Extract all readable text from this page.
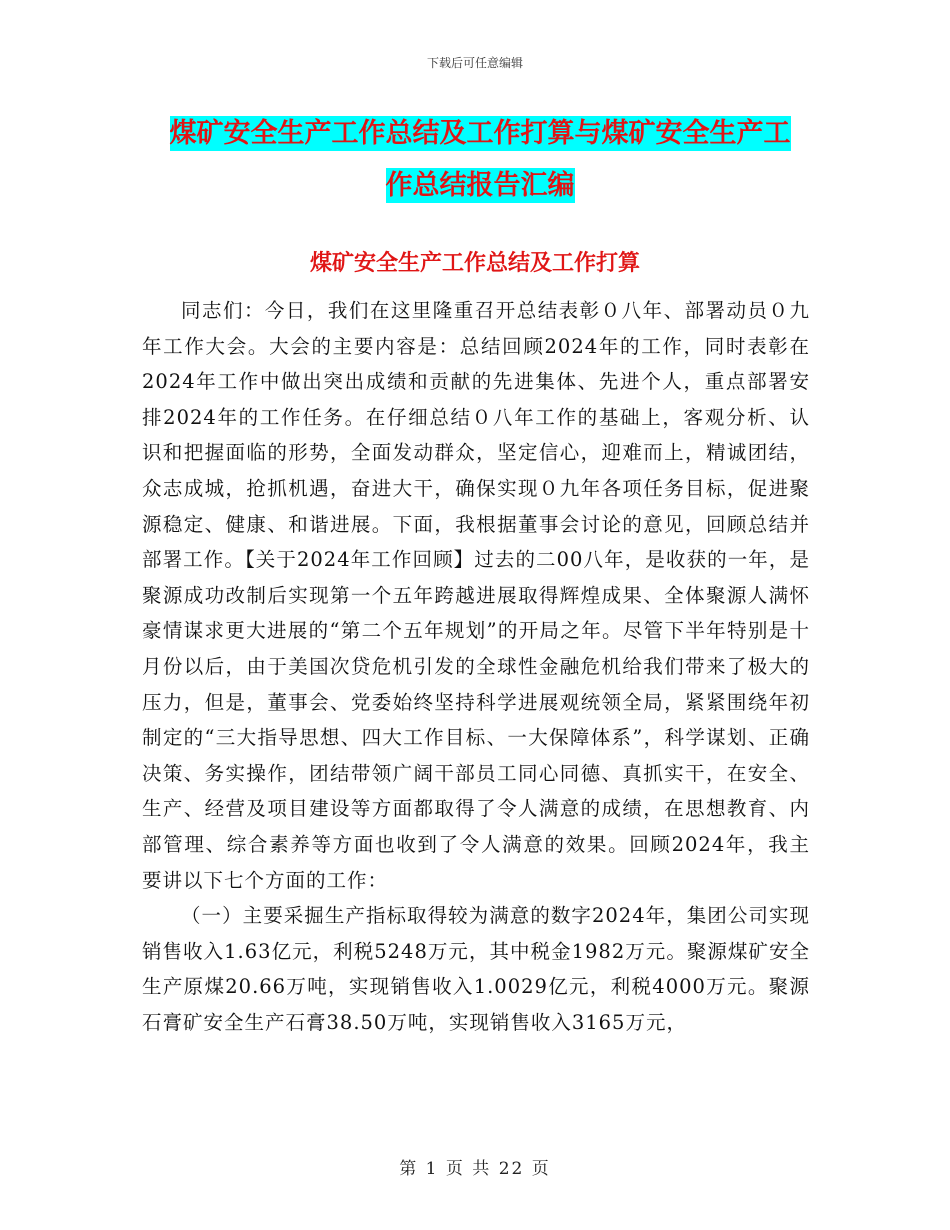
下载后可任意编辑
煤矿安全生产工作总结及工作打算与煤矿安全生产工
作总结报告汇编
煤矿安全生产工作总结及工作打算

同志们：今日，我们在这里隆重召开总结表彰０八年、部署动员０九年工作大会。大会的主要内容是：总结回顾2024年的工作，同时表彰在2024年工作中做出突出成绩和贡献的先进集体、先进个人，重点部署安排2024年的工作任务。在仔细总结０八年工作的基础上，客观分析、认识和把握面临的形势，全面发动群众，坚定信心，迎难而上，精诚团结，众志成城，抢抓机遇，奋进大干，确保实现０九年各项任务目标，促进聚源稳定、健康、和谐进展。下面，我根据董事会讨论的意见，回顾总结并部署工作。【关于2024年工作回顾】过去的二00八年，是收获的一年，是聚源成功改制后实现第一个五年跨越进展取得辉煌成果、全体聚源人满怀豪情谋求更大进展的“第二个五年规划”的开局之年。尽管下半年特别是十月份以后，由于美国次贷危机引发的全球性金融危机给我们带来了极大的压力，但是，董事会、党委始终坚持科学进展观统领全局，紧紧围绕年初制定的“三大指导思想、四大工作目标、一大保障体系”，科学谋划、正确决策、务实操作，团结带领广阔干部员工同心同德、真抓实干，在安全、生产、经营及项目建设等方面都取得了令人满意的成绩，在思想教育、内部管理、综合素养等方面也收到了令人满意的效果。回顾2024年，我主要讲以下七个方面的工作：

（一）主要采掘生产指标取得较为满意的数字2024年，集团公司实现销售收入1.63亿元，利税5248万元，其中税金1982万元。聚源煤矿安全生产原煤20.66万吨，实现销售收入1.0029亿元，利税4000万元。聚源石膏矿安全生产石膏38.50万吨，实现销售收入3165万元，

第 1 页 共 22 页
